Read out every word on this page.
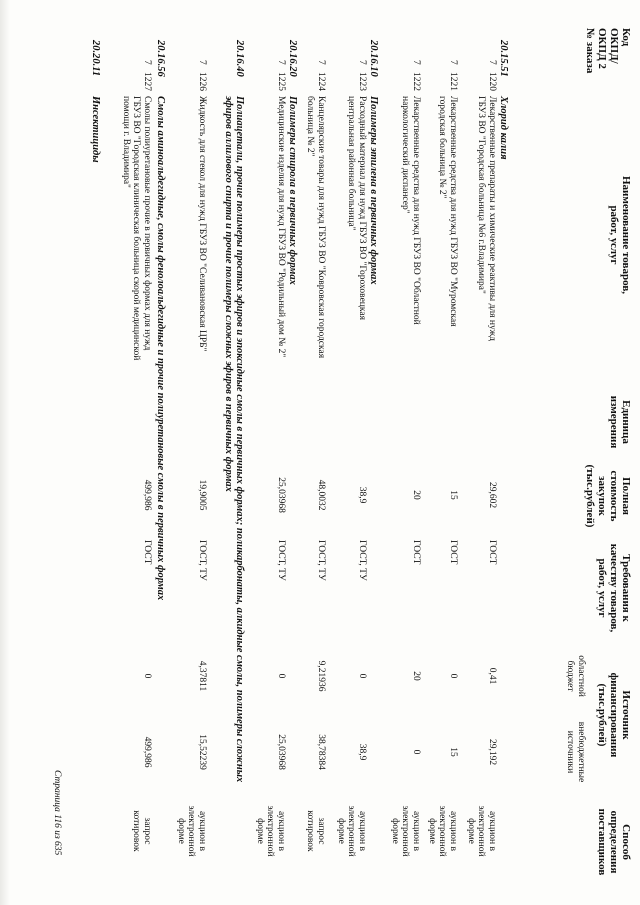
Код
ОКПД/
ОКПД 2
№ заказа
Наименование товаров,
работ, услуг
Единица
измерения
Полная
стоимость
закупок
(тыс.рублей)
Требования к
качеству товаров,
работ, услуг
Источник
финансирования
(тыс.рублей)
областной
бюджет
внебюджетные
источники
Способ
определения
поставщиков
20.15.51
Хлорид калия
7
1220
Лекарственные препараты и химические реактивы для нужд ГБУЗ ВО "Городская больница №6 г.Владимира"
29,602
ГОСТ
0,41
29,192
аукцион в
электронной
форме
7
1221
Лекарственные средства для нужд ГБУЗ ВО "Муромская городская больница № 2"
15
ГОСТ
0
15
аукцион в
электронной
форме
7
1222
Лекарственные средства для нужд ГБУЗ ВО "Областной наркологический диспансер"
20
ГОСТ
20
0
аукцион в
электронной
форме
20.16.10
Полимеры этилена в первичных формах
7
1223
Расходный материал для нужд ГБУЗ ВО "Гороховецкая центральная районная больница"
38,9
ГОСТ, ТУ
0
38,9
аукцион в
электронной
форме
7
1224
Канцелярские товары для нужд ГБУЗ ВО "Ковровская городская больница № 2"
48,0032
ГОСТ, ТУ
9,21936
38,78384
запрос
котировок
20.16.20
Полимеры стирола в первичных формах
7
1225
Медицинские изделия для нужд ГБУЗ ВО "Родильный дом № 2"
25,03968
ГОСТ, ТУ
0
25,03968
аукцион в
электронной
форме
20.16.40
Полиацетали, прочие полимеры простых эфиров и эпоксидные смолы в первичных формах; поликарбонаты, алкидные смолы, полимеры сложных эфиров аллилового спирта и прочие полимеры сложных эфиров в первичных формах
7
1226
Жидкость для стекол для нужд ГБУЗ ВО "Селивановская ЦРБ"
19,9005
ГОСТ, ТУ
4,37811
15,52239
аукцион в
электронной
форме
20.16.56
Смолы аминоальдегидные, смолы фенолоальдегидные и прочие полиуретановые смолы в первичных формах
7
1227
Смолы полиуретановые прочие в первичных формах для нужд ГБУЗ ВО "Городская клиническая больница скорой медицинской помощи г. Владимира"
499,986
ГОСТ
0
499,986
запрос
котировок
20.20.11
Инсектициды
Страница 116 из 635
